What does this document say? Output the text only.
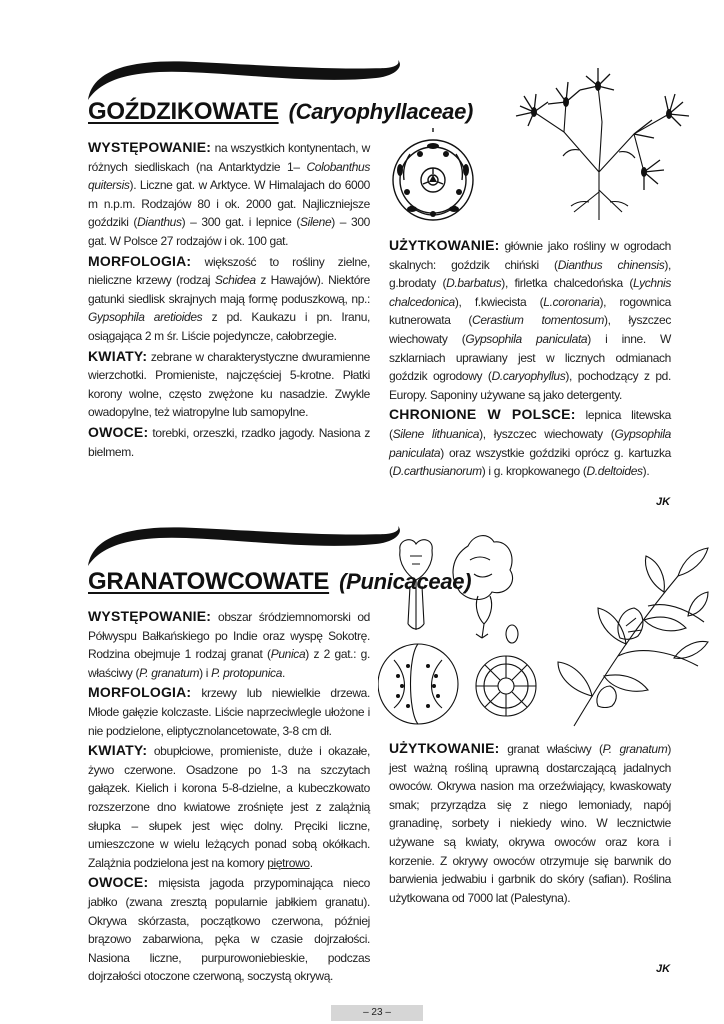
GOŹDZIKOWATE (Caryophyllaceae)

WYSTĘPOWANIE: na wszystkich kontynentach, w różnych siedliskach (na Antarktydzie 1– Colobanthus quitersis). Liczne gat. w Arktyce. W Himalajach do 6000 m n.p.m. Rodzajów 80 i ok. 2000 gat. Najliczniejsze goździki (Dianthus) – 300 gat. i lepnice (Silene) – 300 gat. W Polsce 27 rodzajów i ok. 100 gat.

MORFOLOGIA: większość to rośliny zielne, nieliczne krzewy (rodzaj Schidea z Hawajów). Niektóre gatunki siedlisk skrajnych mają formę poduszkową, np.: Gypsophila aretioides z pd. Kaukazu i pn. Iranu, osiągająca 2 m śr. Liście pojedyncze, całobrzegie.

KWIATY: zebrane w charakterystyczne dwuramienne wierzchotki. Promieniste, najczęściej 5-krotne. Płatki korony wolne, często zwężone ku nasadzie. Zwykle owadopylne, też wiatropylne lub samopylne.

OWOCE: torebki, orzeszki, rzadko jagody. Nasiona z bielmem.

UŻYTKOWANIE: głównie jako rośliny w ogrodach skalnych: goździk chiński (Dianthus chinensis), g.brodaty (D.barbatus), firletka chalcedońska (Lychnis chalcedonica), f.kwiecista (L.coronaria), rogownica kutnerowata (Cerastium tomentosum), łyszczec wiechowaty (Gypsophila paniculata) i inne. W szklarniach uprawiany jest w licznych odmianach goździk ogrodowy (D.caryophyllus), pochodzący z pd. Europy. Saponiny używane są jako detergenty.

CHRONIONE W POLSCE: lepnica litewska (Silene lithuanica), łyszczec wiechowaty (Gypsophila paniculata) oraz wszystkie goździki oprócz g. kartuzka (D.carthusianorum) i g. kropkowanego (D.deltoides).

JK
GRANATOWCOWATE (Punicaceae)

WYSTĘPOWANIE: obszar śródziemnomorski od Półwyspu Bałkańskiego po Indie oraz wyspę Sokotrę. Rodzina obejmuje 1 rodzaj granat (Punica) z 2 gat.: g. właściwy (P. granatum) i P. protopunica.

MORFOLOGIA: krzewy lub niewielkie drzewa. Młode gałęzie kolczaste. Liście naprzeciwlegle ułożone i nie podzielone, eliptycznolancetowate, 3-8 cm dł.

KWIATY: obupłciowe, promieniste, duże i okazałe, żywo czerwone. Osadzone po 1-3 na szczytach gałązek. Kielich i korona 5-8-dzielne, a kubeczkowato rozszerzone dno kwiatowe zrośnięte jest z zalążnią słupka – słupek jest więc dolny. Pręciki liczne, umieszczone w wielu leżących ponad sobą okółkach. Zalążnia podzielona jest na komory piętrowo.

OWOCE: mięsista jagoda przypominająca nieco jabłko (zwana zresztą popularnie jabłkiem granatu). Okrywa skórzasta, początkowo czerwona, później brązowo zabarwiona, pęka w czasie dojrzałości. Nasiona liczne, purpurowoniebieskie, podczas dojrzałości otoczone czerwoną, soczystą okrywą.

UŻYTKOWANIE: granat właściwy (P. granatum) jest ważną rośliną uprawną dostarczającą jadalnych owoców. Okrywa nasion ma orzeźwiający, kwaskowaty smak; przyrządza się z niego lemoniady, napój granadinę, sorbety i niekiedy wino. W lecznictwie używane są kwiaty, okrywa owoców oraz kora i korzenie. Z okrywy owoców otrzymuje się barwnik do barwienia jedwabiu i garbnik do skóry (safian). Roślina użytkowana od 7000 lat (Palestyna).

JK
– 23 –
